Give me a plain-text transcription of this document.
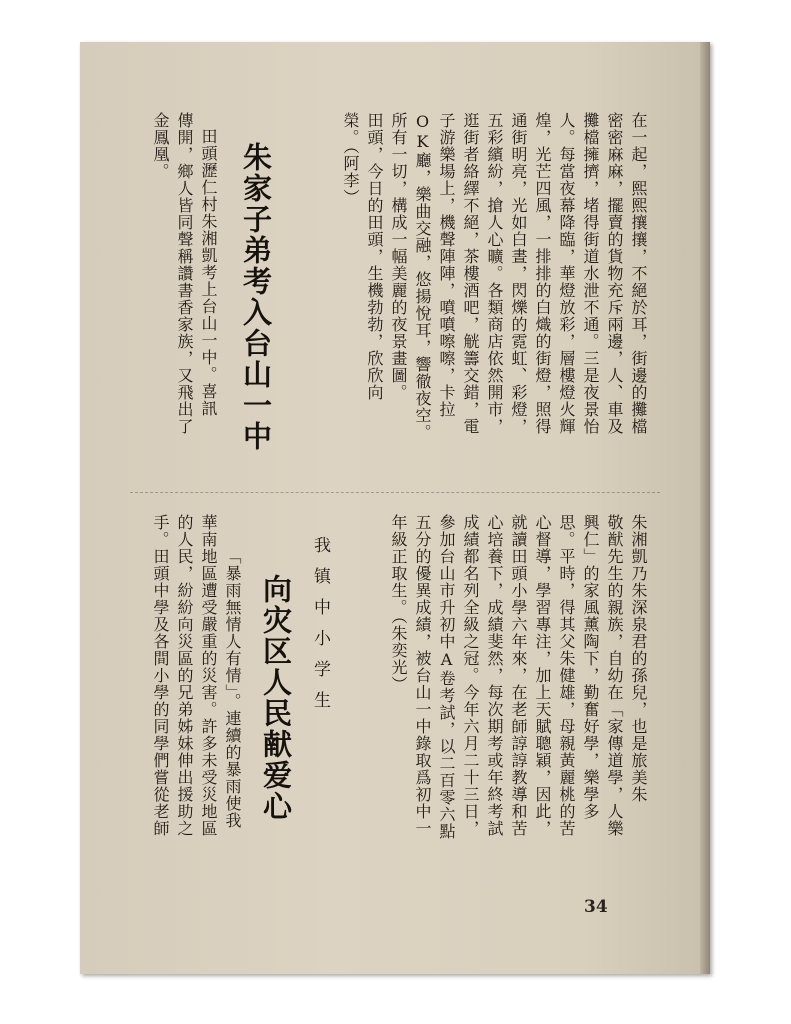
在一起，熙熙攘攘，不絕於耳，街邊的攤檔
密密麻麻，擺賣的貨物充斥兩邊，人、車及
攤檔擁擠，堵得街道水泄不通。三是夜景怡
人。每當夜幕降臨，華燈放彩，層樓燈火輝
煌，光芒四風，一排排的白熾的街燈，照得
通街明亮，光如白晝，閃爍的霓虹、彩燈，
五彩繽紛，搶人心曠。各類商店依然開市，
逛街者絡繹不絕，茶樓酒吧，觥籌交錯，電
子游樂場上，機聲陣陣，噴噴嚓嚓，卡拉
OK廳，樂曲交融，悠揚悅耳，響徹夜空。
所有一切，構成一幅美麗的夜景畫圖。
田頭，今日的田頭，生機勃勃，欣欣向
榮。（阿李）
朱家子弟考入台山一中
田頭瀝仁村朱湘凱考上台山一中。喜訊
傳開，鄉人皆同聲稱讚書香家族，又飛出了
金鳳凰。
朱湘凱乃朱深泉君的孫兒，也是旅美朱
敬猷先生的親族，自幼在「家傳道學，人樂
興仁」的家風薰陶下，勤奮好學，樂學多
思。平時，得其父朱健雄，母親黃麗桃的苦
心督導，學習專注，加上天賦聰穎，因此，
就讀田頭小學六年來，在老師諄諄教導和苦
心培養下，成績斐然，每次期考或年終考試
成績都名列全級之冠。今年六月二十三日，
參加台山市升初中A卷考試，以二百零六點
五分的優異成績，被台山一中錄取爲初中一
年級正取生。（朱奕光）
我镇中小学生
向灾区人民献爱心
「暴雨無情人有情」。連續的暴雨使我
華南地區遭受嚴重的災害。許多未受災地區
的人民，紛紛向災區的兄弟姊妹伸出援助之
手。田頭中學及各間小學的同學們嘗從老師
34
